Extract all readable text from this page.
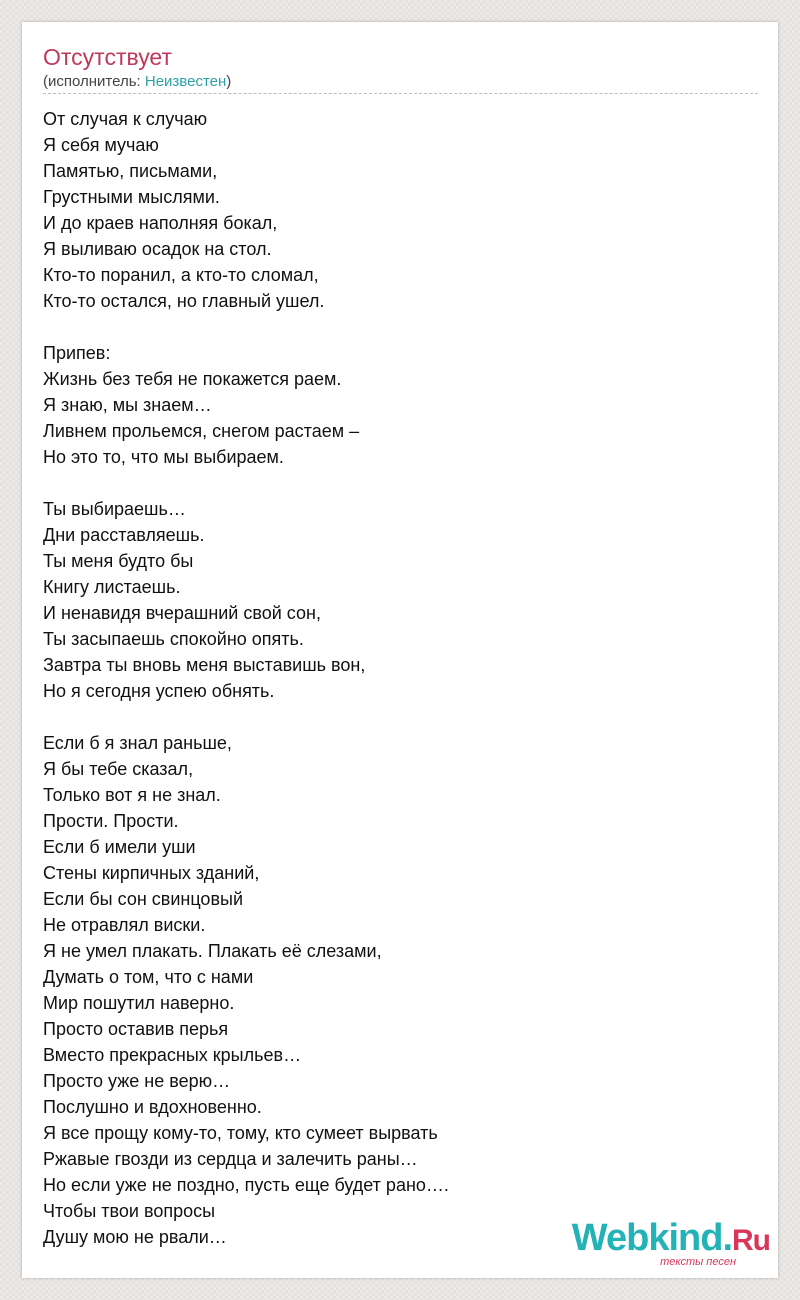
Отсутствует
(исполнитель: Неизвестен)
От случая к случаю
Я себя мучаю
Памятью, письмами,
Грустными мыслями.
И до краев наполняя бокал,
Я выливаю осадок на стол.
Кто-то поранил, а кто-то сломал,
Кто-то остался, но главный ушел.
Припев:
Жизнь без тебя не покажется раем.
Я знаю, мы знаем…
Ливнем прольемся, снегом растаем –
Но это то, что мы выбираем.
Ты выбираешь…
Дни расставляешь.
Ты меня будто бы
Книгу листаешь.
И ненавидя вчерашний свой сон,
Ты засыпаешь спокойно опять.
Завтра ты вновь меня выставишь вон,
Но я сегодня успею обнять.
Если б я знал раньше,
Я бы тебе сказал,
Только вот я не знал.
Прости. Прости.
Если б имели уши
Стены кирпичных зданий,
Если бы сон свинцовый
Не отравлял виски.
Я не умел плакать. Плакать её слезами,
Думать о том, что с нами
Мир пошутил наверно.
Просто оставив перья
Вместо прекрасных крыльев…
Просто уже не верю…
Послушно и вдохновенно.
Я все прощу кому-то, тому, кто сумеет вырвать
Ржавые гвозди из сердца и залечить раны…
Но если уже не поздно, пусть еще будет рано….
Чтобы твои вопросы
Душу мою не рвали…	Webkind.Ru
тексты песен
